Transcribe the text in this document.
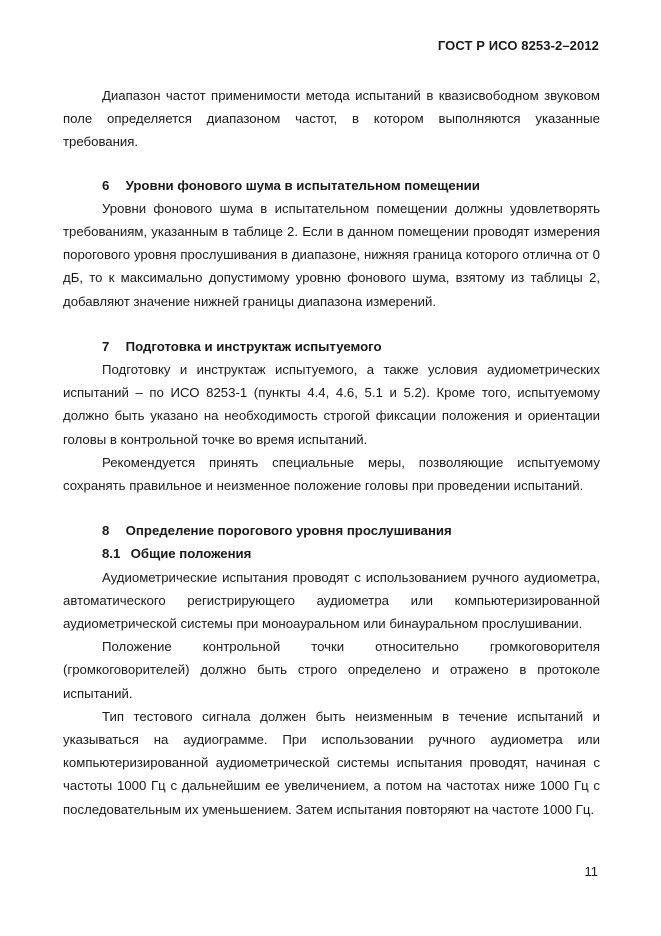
ГОСТ Р ИСО 8253-2–2012

Диапазон частот применимости метода испытаний в квазисвободном звуковом поле определяется диапазоном частот, в котором выполняются указанные требования.

6 Уровни фонового шума в испытательном помещении

Уровни фонового шума в испытательном помещении должны удовлетворять требованиям, указанным в таблице 2. Если в данном помещении проводят измерения порогового уровня прослушивания в диапазоне, нижняя граница которого отлична от 0 дБ, то к максимально допустимому уровню фонового шума, взятому из таблицы 2, добавляют значение нижней границы диапазона измерений.

7 Подготовка и инструктаж испытуемого

Подготовку и инструктаж испытуемого, а также условия аудиометрических испытаний – по ИСО 8253-1 (пункты 4.4, 4.6, 5.1 и 5.2). Кроме того, испытуемому должно быть указано на необходимость строгой фиксации положения и ориентации головы в контрольной точке во время испытаний.

Рекомендуется принять специальные меры, позволяющие испытуемому сохранять правильное и неизменное положение головы при проведении испытаний.

8 Определение порогового уровня прослушивания

8.1 Общие положения

Аудиометрические испытания проводят с использованием ручного аудиометра, автоматического регистрирующего аудиометра или компьютеризированной аудиометрической системы при моноауральном или бинауральном прослушивании.

Положение контрольной точки относительно громкоговорителя (громкоговорителей) должно быть строго определено и отражено в протоколе испытаний.

Тип тестового сигнала должен быть неизменным в течение испытаний и указываться на аудиограмме. При использовании ручного аудиометра или компьютеризированной аудиометрической системы испытания проводят, начиная с частоты 1000 Гц с дальнейшим ее увеличением, а потом на частотах ниже 1000 Гц с последовательным их уменьшением. Затем испытания повторяют на частоте 1000 Гц.

11
